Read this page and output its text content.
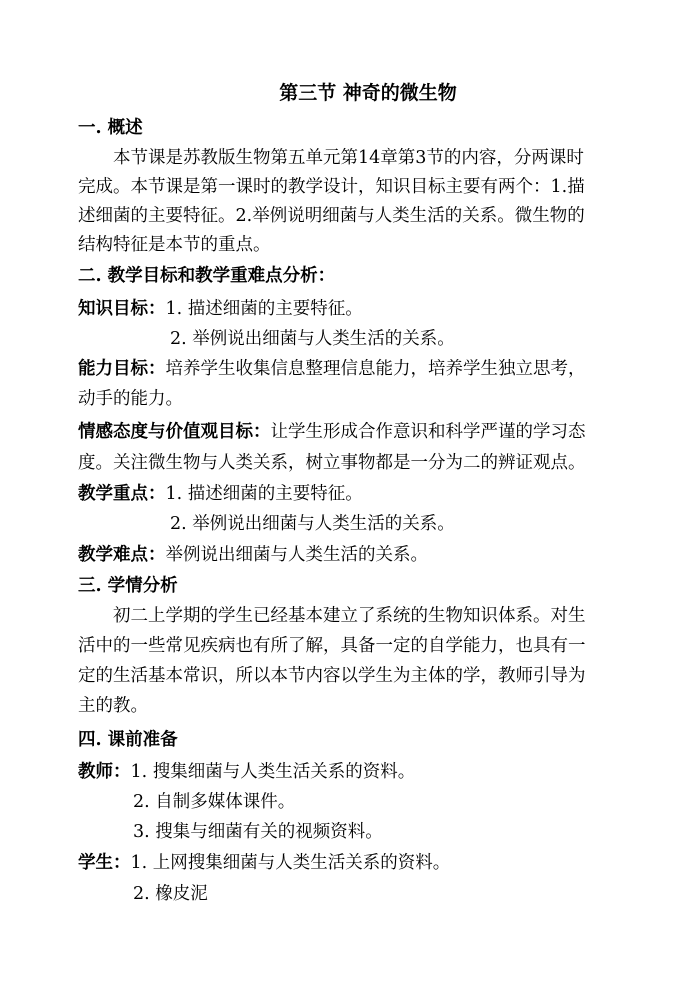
第三节 神奇的微生物
一. 概述
本节课是苏教版生物第五单元第14章第3节的内容，分两课时
完成。本节课是第一课时的教学设计，知识目标主要有两个：1.描
述细菌的主要特征。2.举例说明细菌与人类生活的关系。微生物的
结构特征是本节的重点。
二. 教学目标和教学重难点分析：
知识目标：1. 描述细菌的主要特征。
2. 举例说出细菌与人类生活的关系。
能力目标：培养学生收集信息整理信息能力，培养学生独立思考，
动手的能力。
情感态度与价值观目标：让学生形成合作意识和科学严谨的学习态
度。关注微生物与人类关系，树立事物都是一分为二的辨证观点。
教学重点：1. 描述细菌的主要特征。
2. 举例说出细菌与人类生活的关系。
教学难点：举例说出细菌与人类生活的关系。
三. 学情分析
初二上学期的学生已经基本建立了系统的生物知识体系。对生
活中的一些常见疾病也有所了解，具备一定的自学能力，也具有一
定的生活基本常识，所以本节内容以学生为主体的学，教师引导为
主的教。
四. 课前准备
教师：1. 搜集细菌与人类生活关系的资料。
2. 自制多媒体课件。
3. 搜集与细菌有关的视频资料。
学生：1. 上网搜集细菌与人类生活关系的资料。
2. 橡皮泥
